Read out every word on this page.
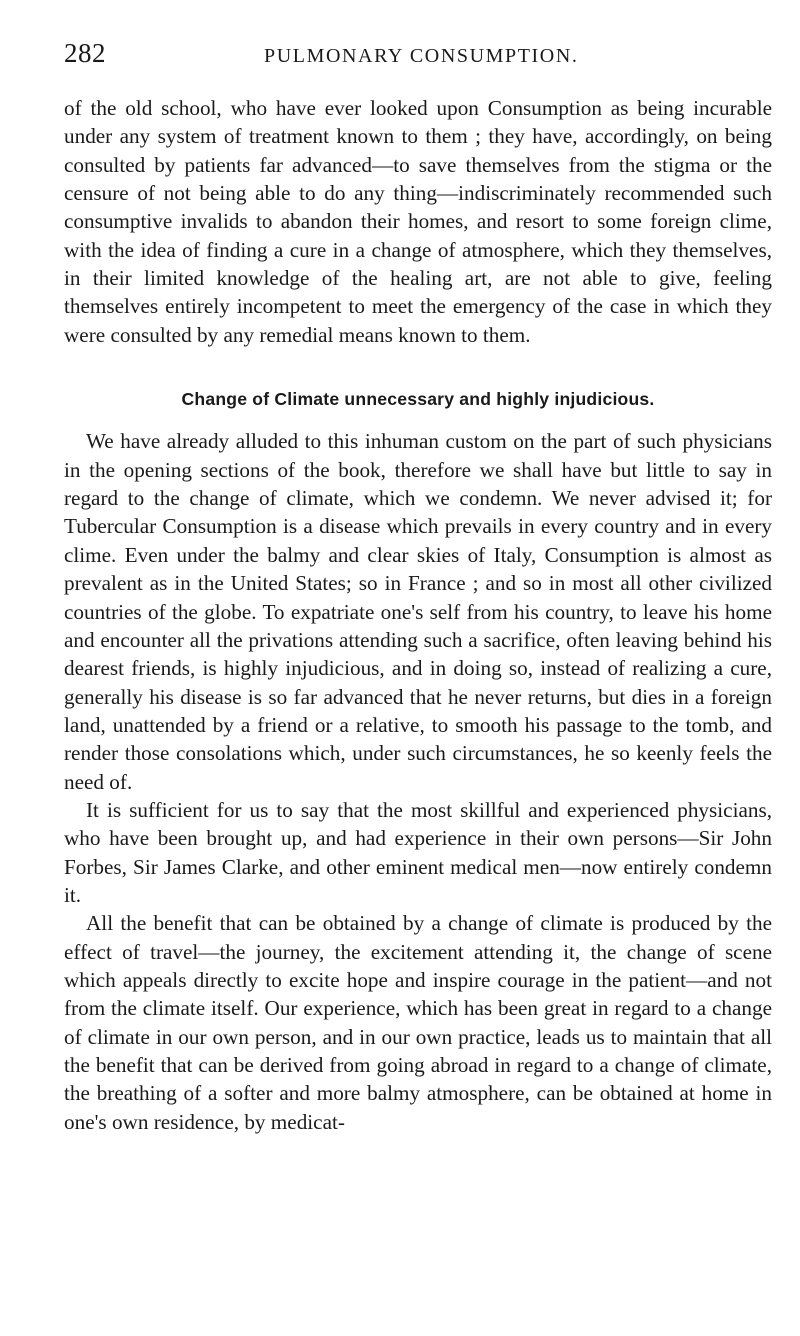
282	PULMONARY CONSUMPTION.

of the old school, who have ever looked upon Consumption as being incurable under any system of treatment known to them ; they have, accordingly, on being consulted by patients far advanced—to save themselves from the stigma or the censure of not being able to do any thing—indiscriminately recommended such consumptive invalids to abandon their homes, and resort to some foreign clime, with the idea of finding a cure in a change of atmosphere, which they themselves, in their limited knowledge of the healing art, are not able to give, feeling themselves entirely incompetent to meet the emergency of the case in which they were consulted by any remedial means known to them.

Change of Climate unnecessary and highly injudicious.

We have already alluded to this inhuman custom on the part of such physicians in the opening sections of the book, therefore we shall have but little to say in regard to the change of climate, which we condemn. We never advised it; for Tubercular Consumption is a disease which prevails in every country and in every clime. Even under the balmy and clear skies of Italy, Consumption is almost as prevalent as in the United States; so in France ; and so in most all other civilized countries of the globe. To expatriate one's self from his country, to leave his home and encounter all the privations attending such a sacrifice, often leaving behind his dearest friends, is highly injudicious, and in doing so, instead of realizing a cure, generally his disease is so far advanced that he never returns, but dies in a foreign land, unattended by a friend or a relative, to smooth his passage to the tomb, and render those consolations which, under such circumstances, he so keenly feels the need of.

It is sufficient for us to say that the most skillful and experienced physicians, who have been brought up, and had experience in their own persons—Sir John Forbes, Sir James Clarke, and other eminent medical men—now entirely condemn it.

All the benefit that can be obtained by a change of climate is produced by the effect of travel—the journey, the excitement attending it, the change of scene which appeals directly to excite hope and inspire courage in the patient—and not from the climate itself. Our experience, which has been great in regard to a change of climate in our own person, and in our own practice, leads us to maintain that all the benefit that can be derived from going abroad in regard to a change of climate, the breathing of a softer and more balmy atmosphere, can be obtained at home in one's own residence, by medicat-
